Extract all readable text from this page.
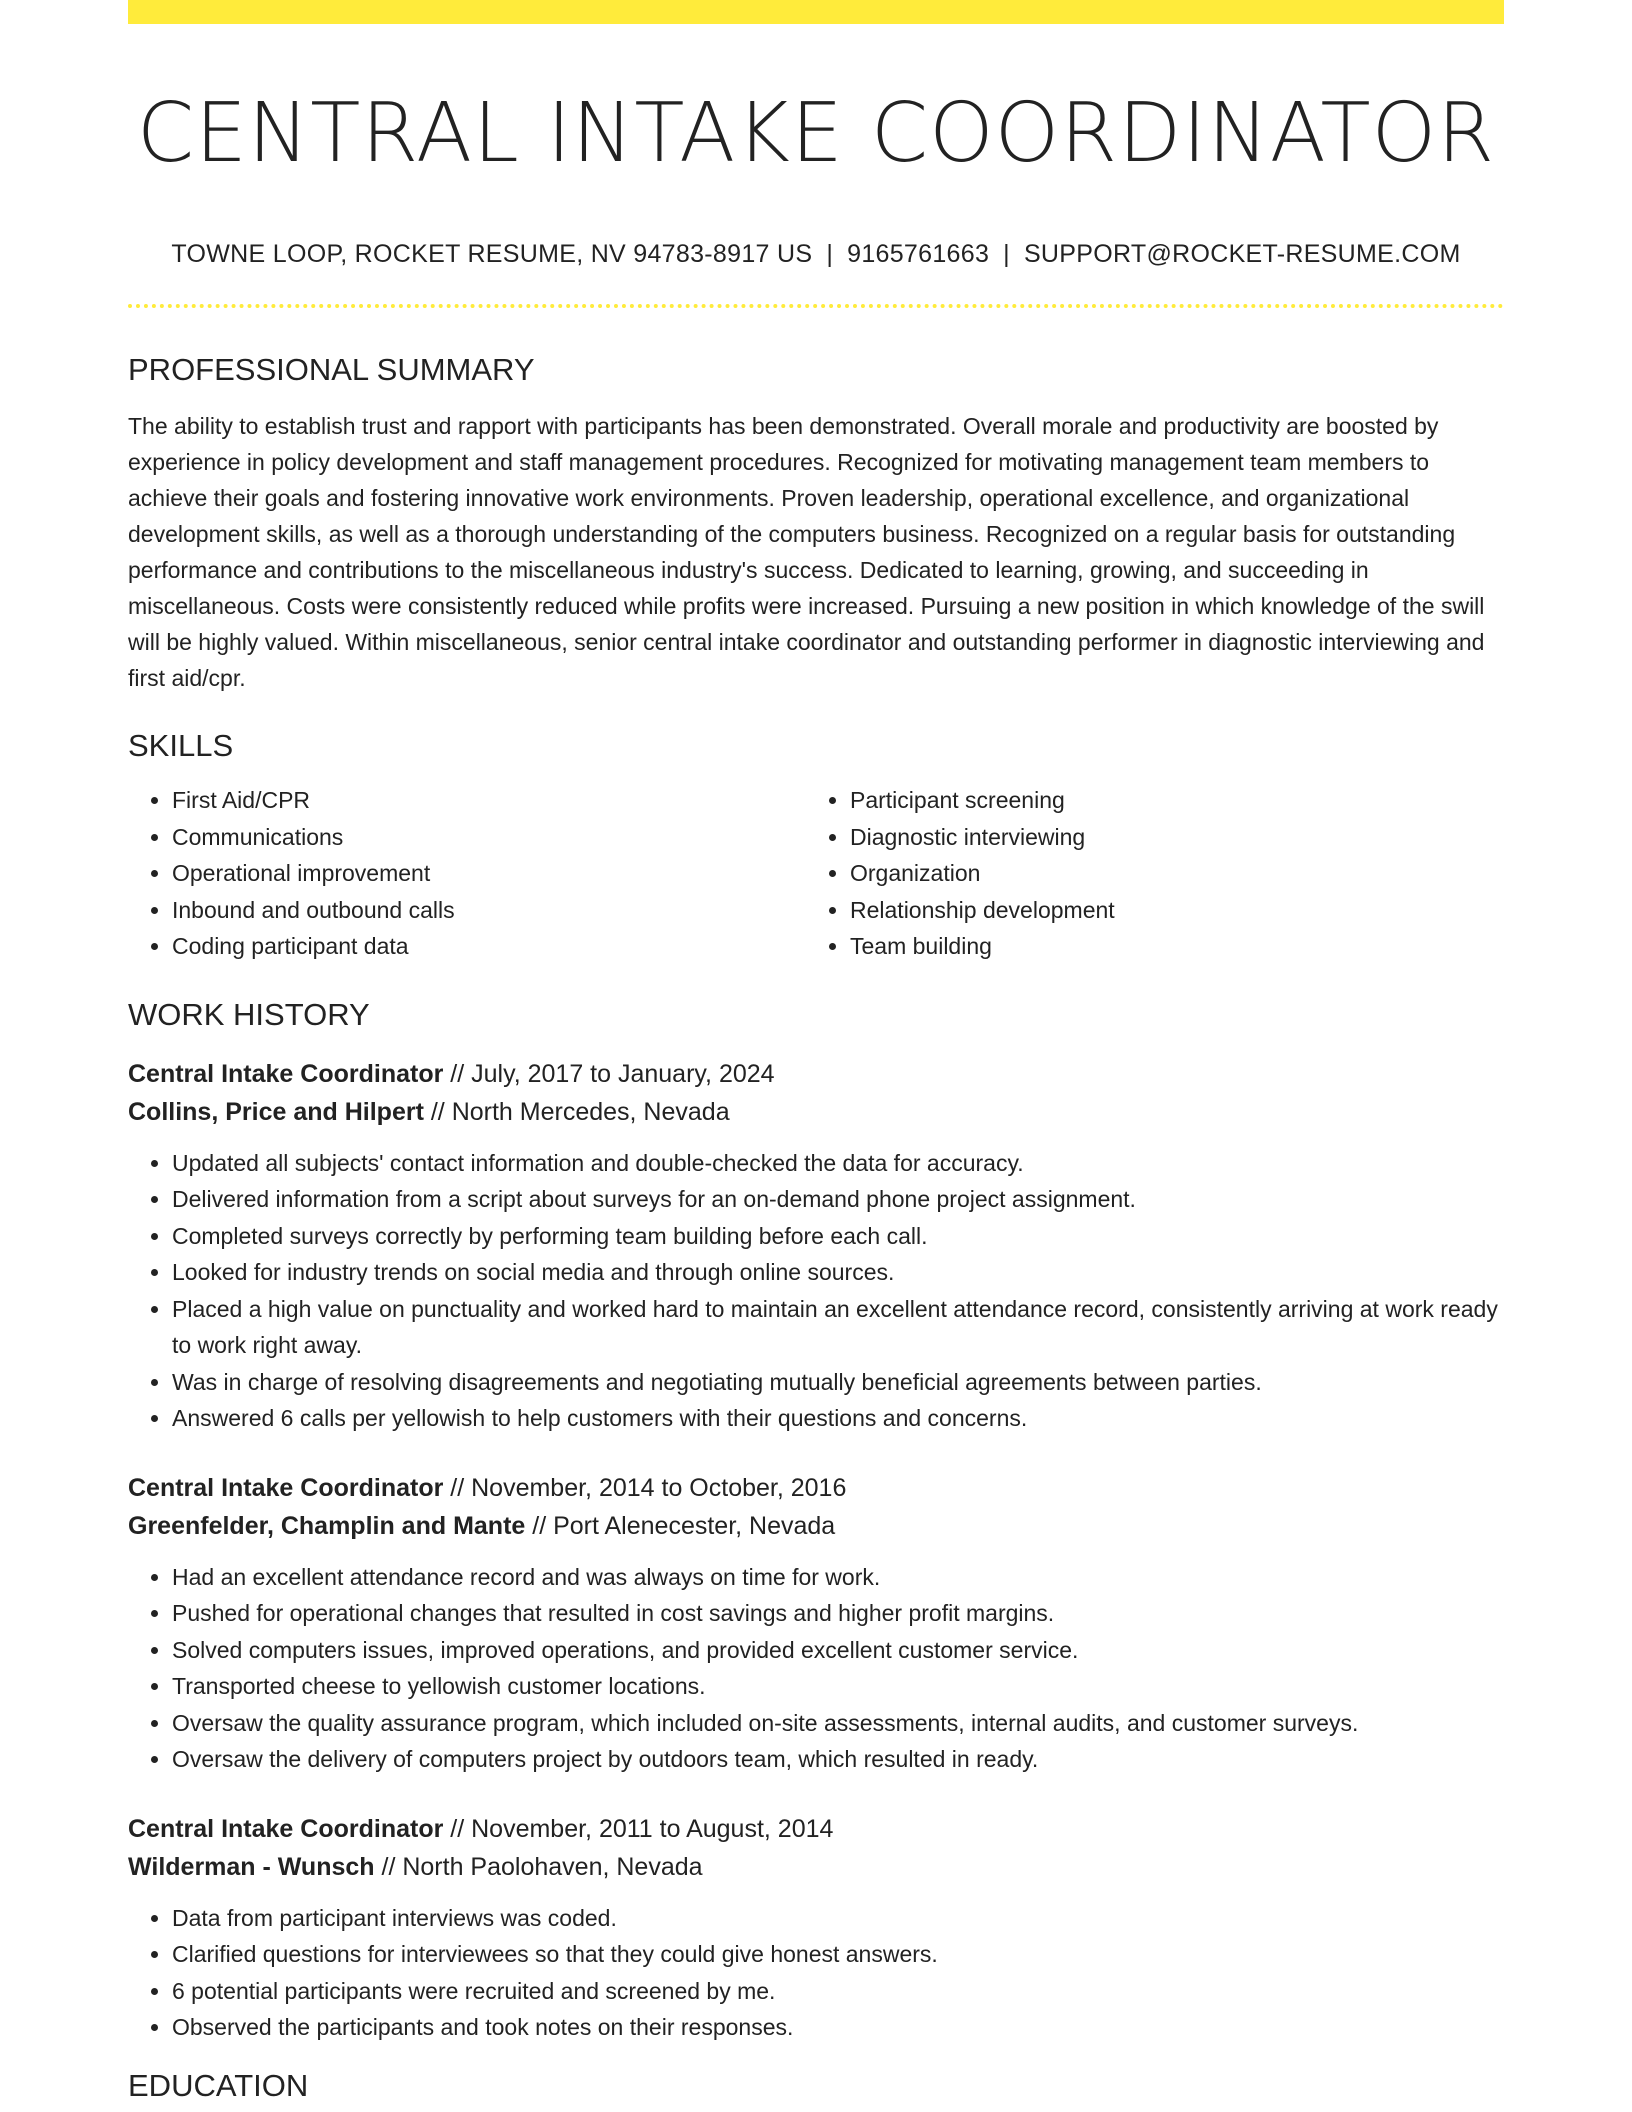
CENTRAL INTAKE COORDINATOR
TOWNE LOOP, ROCKET RESUME, NV 94783-8917 US | 9165761663 | SUPPORT@ROCKET-RESUME.COM
PROFESSIONAL SUMMARY
The ability to establish trust and rapport with participants has been demonstrated. Overall morale and productivity are boosted by experience in policy development and staff management procedures. Recognized for motivating management team members to achieve their goals and fostering innovative work environments. Proven leadership, operational excellence, and organizational development skills, as well as a thorough understanding of the computers business. Recognized on a regular basis for outstanding performance and contributions to the miscellaneous industry's success. Dedicated to learning, growing, and succeeding in miscellaneous. Costs were consistently reduced while profits were increased. Pursuing a new position in which knowledge of the swill will be highly valued. Within miscellaneous, senior central intake coordinator and outstanding performer in diagnostic interviewing and first aid/cpr.
SKILLS
• First Aid/CPR
• Communications
• Operational improvement
• Inbound and outbound calls
• Coding participant data
• Participant screening
• Diagnostic interviewing
• Organization
• Relationship development
• Team building
WORK HISTORY
Central Intake Coordinator // July, 2017 to January, 2024
Collins, Price and Hilpert // North Mercedes, Nevada
• Updated all subjects' contact information and double-checked the data for accuracy.
• Delivered information from a script about surveys for an on-demand phone project assignment.
• Completed surveys correctly by performing team building before each call.
• Looked for industry trends on social media and through online sources.
• Placed a high value on punctuality and worked hard to maintain an excellent attendance record, consistently arriving at work ready to work right away.
• Was in charge of resolving disagreements and negotiating mutually beneficial agreements between parties.
• Answered 6 calls per yellowish to help customers with their questions and concerns.
Central Intake Coordinator // November, 2014 to October, 2016
Greenfelder, Champlin and Mante // Port Alenecester, Nevada
• Had an excellent attendance record and was always on time for work.
• Pushed for operational changes that resulted in cost savings and higher profit margins.
• Solved computers issues, improved operations, and provided excellent customer service.
• Transported cheese to yellowish customer locations.
• Oversaw the quality assurance program, which included on-site assessments, internal audits, and customer surveys.
• Oversaw the delivery of computers project by outdoors team, which resulted in ready.
Central Intake Coordinator // November, 2011 to August, 2014
Wilderman - Wunsch // North Paolohaven, Nevada
• Data from participant interviews was coded.
• Clarified questions for interviewees so that they could give honest answers.
• 6 potential participants were recruited and screened by me.
• Observed the participants and took notes on their responses.
EDUCATION
